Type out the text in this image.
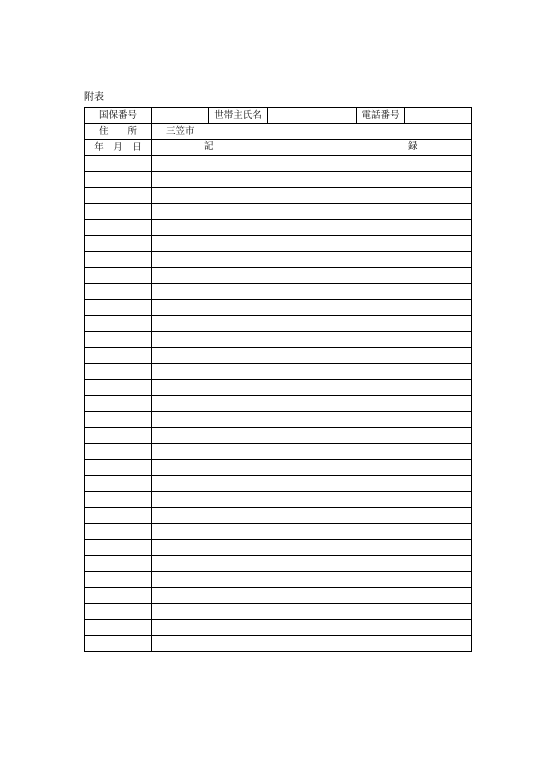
附表
国保番号		世帯主氏名		電話番号	
住　　所	三笠市				
年　月　日	記 録				
